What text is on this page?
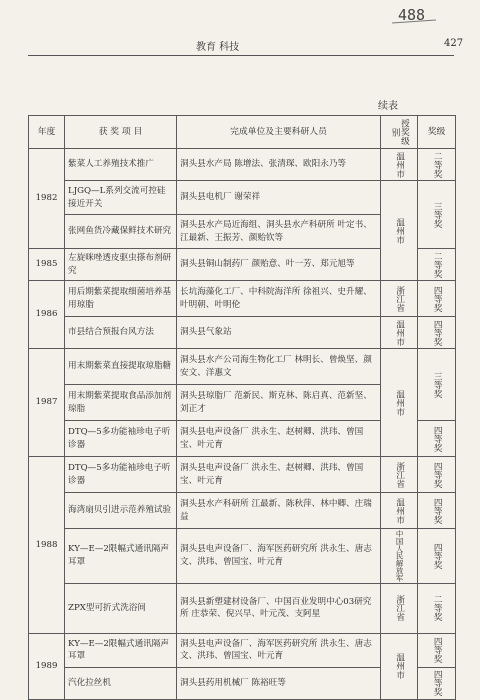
488
教育 科技	427
续表
年度	获 奖 项 目	完成单位及主要科研人员	授奖级别	奖级
1982	紫菜人工养殖技术推广	洞头县水产局 陈增法、张清琛、欧阳永乃等	温州市	二等奖

	LJGQ—L系列交流可控硅接近开关	洞头县电机厂 谢荣祥	温州市	三等奖

	张网鱼货冷藏保鲜技术研究	洞头县水产局近海组、洞头县水产科研所 叶定书、江最新、王振芳、颜贻钦等		
1985	左旋咪唑透皮驱虫搽布剂研究	洞头县铜山制药厂 颜贻意、叶一芳、郑元旭等		二等奖

1986	用后期紫菜提取细菌培养基用琼脂	长坑海藻化工厂、中科院海洋所 徐祖兴、史升耀、叶明朝、叶明伦	浙江省	四等奖

	市县结合预报台风方法	洞头县气象站	温州市	四等奖

1987	用末期紫菜直接提取琼脂糖	洞头县水产公司海生物化工厂 林明长、曾焕坚、颜安文、洋惠文	温州市	三等奖

	用末期紫菜提取食品添加剂琼脂	洞头县琼脂厂 范新民、斯克林、陈启真、范新坚、刘正才		
	DTQ—5多功能袖珍电子听诊器	洞头县电声设备厂 洪永生、赵树卿、洪玮、曾国宝、叶元育		四等奖

1988	DTQ—5多功能袖珍电子听诊器	洞头县电声设备厂 洪永生、赵树卿、洪玮、曾国宝、叶元育	浙江省	四等奖

	海湾扇贝引进示范养殖试验	洞头县水产科研所 江最新、陈秋萍、林中卿、庄瑞益	温州市	四等奖

	KY—E—2限幅式通讯隔声耳罩	洞头县电声设备厂、海军医药研究所 洪永生、唐志文、洪玮、曾国宝、叶元育	中国人民解放军	四等奖

	ZPX型可折式洗浴间	洞头县新塑建材设备厂、中国百业发明中心03研究所 庄恭荣、倪兴早、叶元茂、支阿星	浙江省	二等奖

1989	KY—E—2限幅式通讯隔声耳罩	洞头县电声设备厂、海军医药研究所 洪永生、唐志文、洪玮、曾国宝、叶元育	温州市	四等奖

	汽化拉丝机	洞头县药用机械厂 陈裕旺等		四等奖
